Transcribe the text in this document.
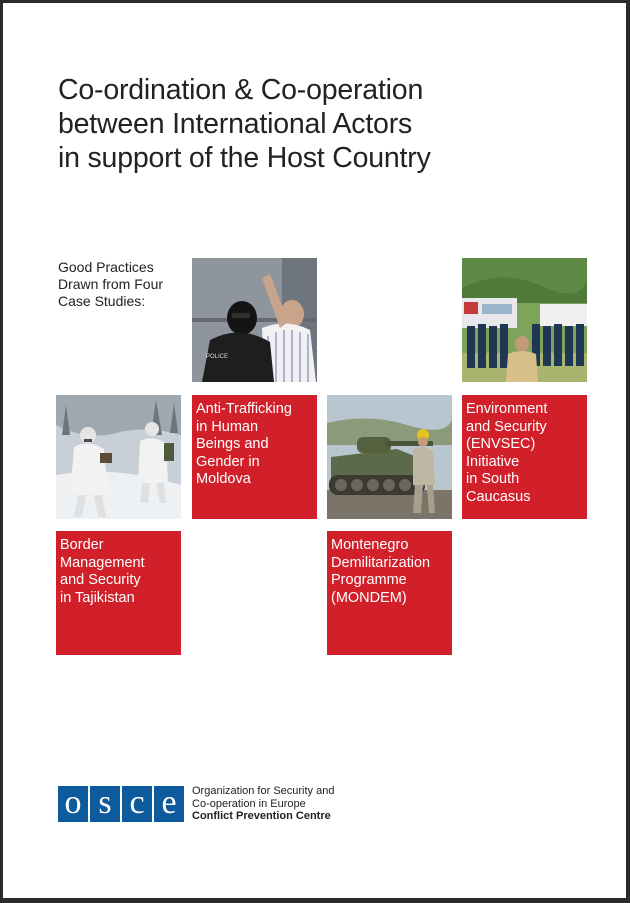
Co-ordination & Co-operation
between International Actors
in support of the Host Country
Good Practices
Drawn from Four
Case Studies:
POLICE
Anti-Trafficking
in Human
Beings and
Gender in
Moldova
Environment
and Security
(ENVSEC)
Initiative
in South
Caucasus
Border
Management
and Security
in Tajikistan
Montenegro
Demilitarization
Programme
(MONDEM)
o s c e	Organization for Security and
Co-operation in Europe
Conflict Prevention Centre
